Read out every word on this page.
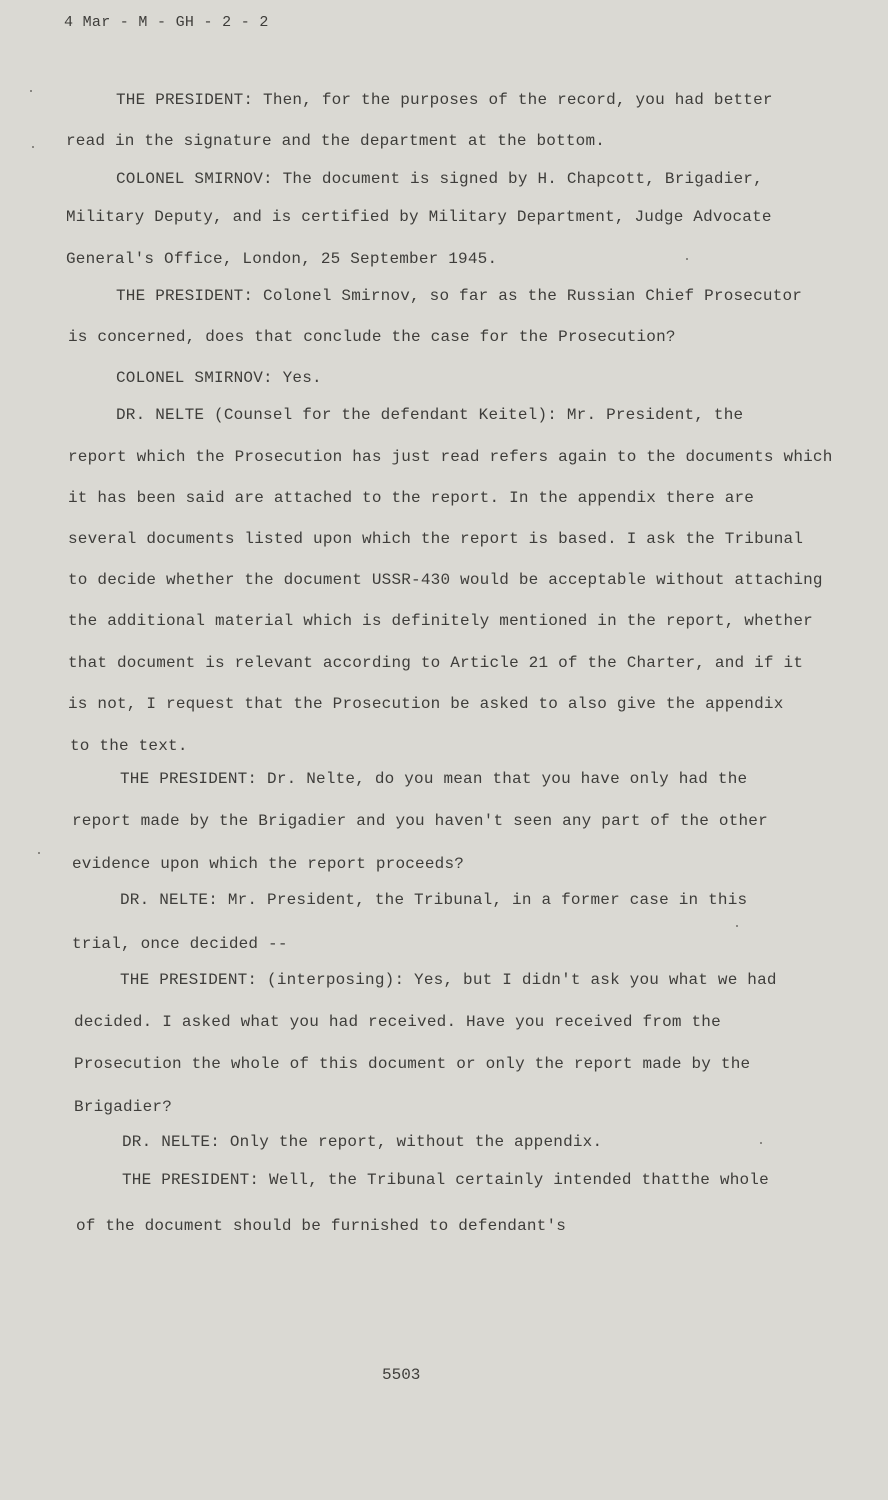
4 Mar - M - GH - 2 - 2
THE PRESIDENT: Then, for the purposes of the record, you had better
read in the signature and the department at the bottom.
COLONEL SMIRNOV: The document is signed by H. Chapcott, Brigadier,
Military Deputy, and is certified by Military Department, Judge Advocate
General's Office, London, 25 September 1945.
THE PRESIDENT: Colonel Smirnov, so far as the Russian Chief Prosecutor
is concerned, does that conclude the case for the Prosecution?
COLONEL SMIRNOV: Yes.
DR. NELTE (Counsel for the defendant Keitel): Mr. President, the
report which the Prosecution has just read refers again to the documents which
it has been said are attached to the report. In the appendix there are
several documents listed upon which the report is based. I ask the Tribunal
to decide whether the document USSR-430 would be acceptable without attaching
the additional material which is definitely mentioned in the report, whether
that document is relevant according to Article 21 of the Charter, and if it
is not, I request that the Prosecution be asked to also give the appendix
to the text.
THE PRESIDENT: Dr. Nelte, do you mean that you have only had the
report made by the Brigadier and you haven't seen any part of the other
evidence upon which the report proceeds?
DR. NELTE: Mr. President, the Tribunal, in a former case in this
trial, once decided --
THE PRESIDENT: (interposing): Yes, but I didn't ask you what we had
decided. I asked what you had received. Have you received from the
Prosecution the whole of this document or only the report made by the
Brigadier?
DR. NELTE: Only the report, without the appendix.
THE PRESIDENT: Well, the Tribunal certainly intended thatthe whole
of the document should be furnished to defendant's
5503
